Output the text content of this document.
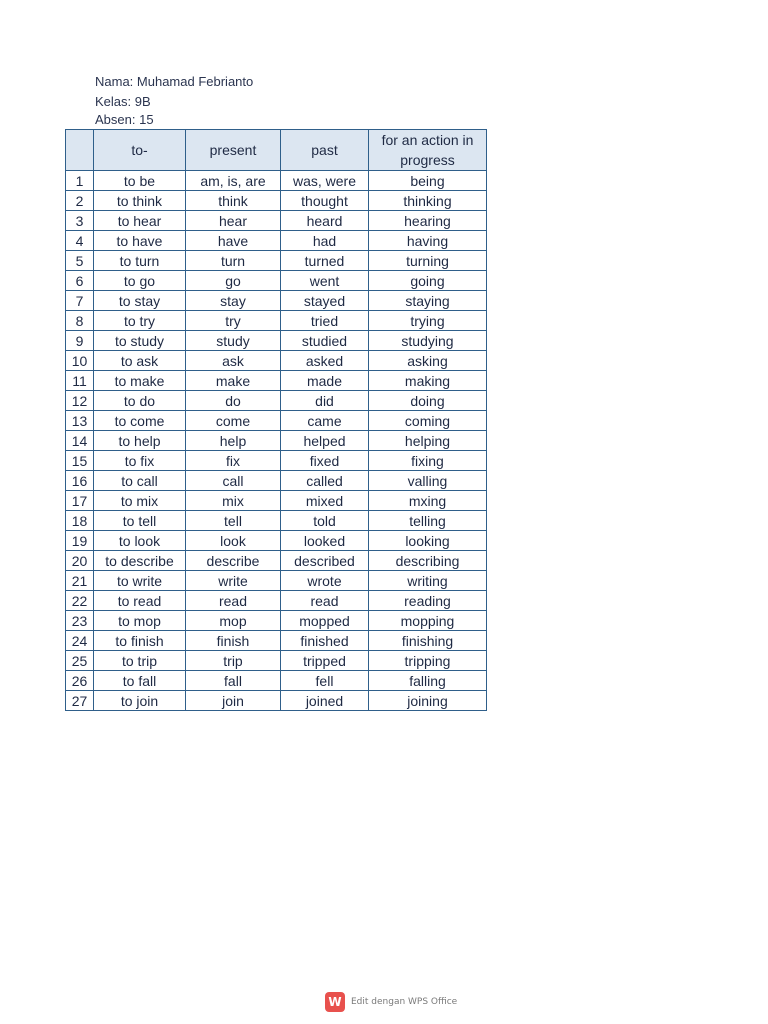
Nama: Muhamad Febrianto
Kelas: 9B
Absen: 15
	to-	present	past	for an action in progress
1	to be	am, is, are	was, were	being
2	to think	think	thought	thinking
3	to hear	hear	heard	hearing
4	to have	have	had	having
5	to turn	turn	turned	turning
6	to go	go	went	going
7	to stay	stay	stayed	staying
8	to try	try	tried	trying
9	to study	study	studied	studying
10	to ask	ask	asked	asking
11	to make	make	made	making
12	to do	do	did	doing
13	to come	come	came	coming
14	to help	help	helped	helping
15	to fix	fix	fixed	fixing
16	to call	call	called	valling
17	to mix	mix	mixed	mxing
18	to tell	tell	told	telling
19	to look	look	looked	looking
20	to describe	describe	described	describing
21	to write	write	wrote	writing
22	to read	read	read	reading
23	to mop	mop	mopped	mopping
24	to finish	finish	finished	finishing
25	to trip	trip	tripped	tripping
26	to fall	fall	fell	falling
27	to join	join	joined	joining
W	Edit dengan WPS Office
